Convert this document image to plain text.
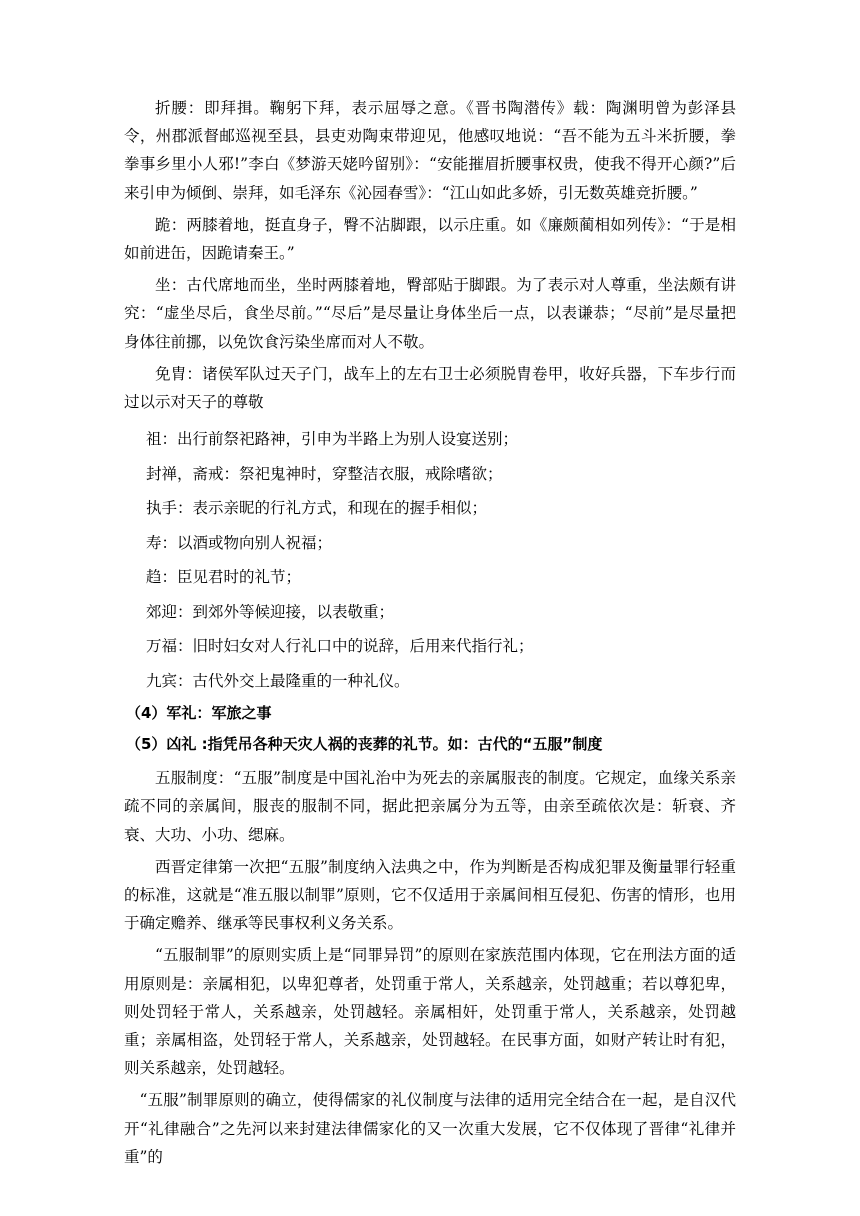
折腰：即拜揖。鞠躬下拜，表示屈辱之意。《晋书陶潜传》载：陶渊明曾为彭泽县令，州郡派督邮巡视至县，县吏劝陶束带迎见，他感叹地说：“吾不能为五斗米折腰，拳拳事乡里小人邪!”李白《梦游天姥吟留别》：“安能摧眉折腰事权贵，使我不得开心颜?”后来引申为倾倒、崇拜，如毛泽东《沁园春雪》：“江山如此多娇，引无数英雄竞折腰。”

跪：两膝着地，挺直身子，臀不沾脚跟，以示庄重。如《廉颇蔺相如列传》：“于是相如前进缶，因跪请秦王。”

坐：古代席地而坐，坐时两膝着地，臀部贴于脚跟。为了表示对人尊重，坐法颇有讲究：“虚坐尽后，食坐尽前。”“尽后”是尽量让身体坐后一点，以表谦恭；“尽前”是尽量把身体往前挪，以免饮食污染坐席而对人不敬。

免胄：诸侯军队过天子门，战车上的左右卫士必须脱胄卷甲，收好兵器，下车步行而过以示对天子的尊敬

祖：出行前祭祀路神，引申为半路上为别人设宴送别；

封禅，斋戒：祭祀鬼神时，穿整洁衣服，戒除嗜欲；

执手：表示亲昵的行礼方式，和现在的握手相似；

寿：以酒或物向别人祝福；

趋：臣见君时的礼节；

郊迎：到郊外等候迎接，以表敬重；

万福：旧时妇女对人行礼口中的说辞，后用来代指行礼；

九宾：古代外交上最隆重的一种礼仪。

（4）军礼：军旅之事

（5）凶礼 :指凭吊各种天灾人祸的丧葬的礼节。如：古代的“五服”制度

五服制度：“五服”制度是中国礼治中为死去的亲属服丧的制度。它规定，血缘关系亲疏不同的亲属间，服丧的服制不同，据此把亲属分为五等，由亲至疏依次是：斩衰、齐衰、大功、小功、缌麻。

西晋定律第一次把“五服”制度纳入法典之中，作为判断是否构成犯罪及衡量罪行轻重的标准，这就是“准五服以制罪”原则，它不仅适用于亲属间相互侵犯、伤害的情形，也用于确定赡养、继承等民事权利义务关系。

“五服制罪”的原则实质上是“同罪异罚”的原则在家族范围内体现，它在刑法方面的适用原则是：亲属相犯，以卑犯尊者，处罚重于常人，关系越亲，处罚越重；若以尊犯卑，则处罚轻于常人，关系越亲，处罚越轻。亲属相奸，处罚重于常人，关系越亲，处罚越重；亲属相盗，处罚轻于常人，关系越亲，处罚越轻。在民事方面，如财产转让时有犯，则关系越亲，处罚越轻。

“五服”制罪原则的确立，使得儒家的礼仪制度与法律的适用完全结合在一起，是自汉代开“礼律融合”之先河以来封建法律儒家化的又一次重大发展，它不仅体现了晋律“礼律并重”的
